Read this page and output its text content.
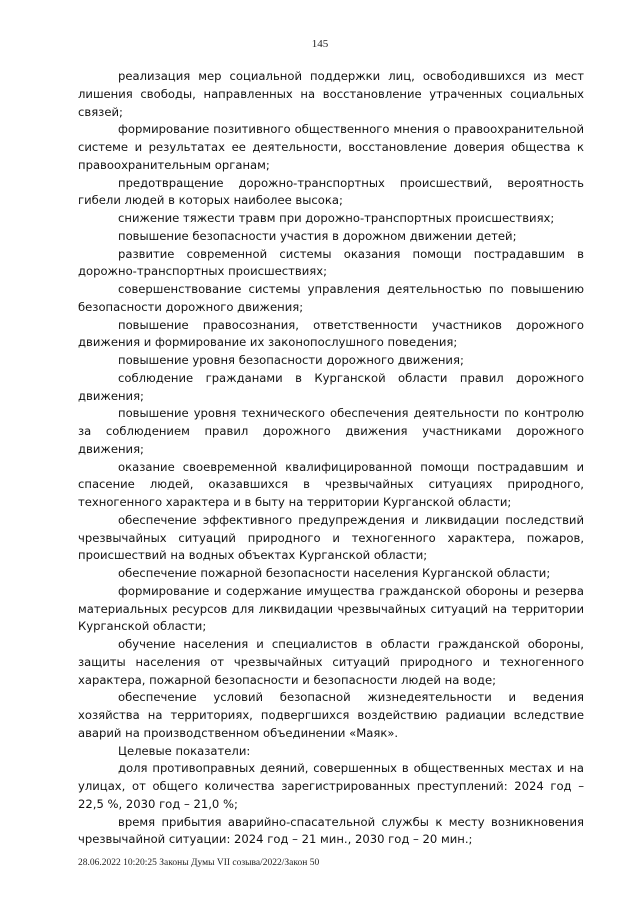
145

реализация мер социальной поддержки лиц, освободившихся из мест лишения свободы, направленных на восстановление утраченных социальных связей;

формирование позитивного общественного мнения о правоохранительной системе и результатах ее деятельности, восстановление доверия общества к правоохранительным органам;

предотвращение дорожно-транспортных происшествий, вероятность гибели людей в которых наиболее высока;

снижение тяжести травм при дорожно-транспортных происшествиях;

повышение безопасности участия в дорожном движении детей;

развитие современной системы оказания помощи пострадавшим в дорожно-транспортных происшествиях;

совершенствование системы управления деятельностью по повышению безопасности дорожного движения;

повышение правосознания, ответственности участников дорожного движения и формирование их законопослушного поведения;

повышение уровня безопасности дорожного движения;

соблюдение гражданами в Курганской области правил дорожного движения;

повышение уровня технического обеспечения деятельности по контролю за соблюдением правил дорожного движения участниками дорожного движения;

оказание своевременной квалифицированной помощи пострадавшим и спасение людей, оказавшихся в чрезвычайных ситуациях природного, техногенного характера и в быту на территории Курганской области;

обеспечение эффективного предупреждения и ликвидации последствий чрезвычайных ситуаций природного и техногенного характера, пожаров, происшествий на водных объектах Курганской области;

обеспечение пожарной безопасности населения Курганской области;

формирование и содержание имущества гражданской обороны и резерва материальных ресурсов для ликвидации чрезвычайных ситуаций на территории Курганской области;

обучение населения и специалистов в области гражданской обороны, защиты населения от чрезвычайных ситуаций природного и техногенного характера, пожарной безопасности и безопасности людей на воде;

обеспечение условий безопасной жизнедеятельности и ведения хозяйства на территориях, подвергшихся воздействию радиации вследствие аварий на производственном объединении «Маяк».

Целевые показатели:

доля противоправных деяний, совершенных в общественных местах и на улицах, от общего количества зарегистрированных преступлений: 2024 год – 22,5 %, 2030 год – 21,0 %;

время прибытия аварийно-спасательной службы к месту возникновения чрезвычайной ситуации: 2024 год – 21 мин., 2030 год – 20 мин.;

28.06.2022 10:20:25 Законы Думы VII созыва/2022/Закон 50
